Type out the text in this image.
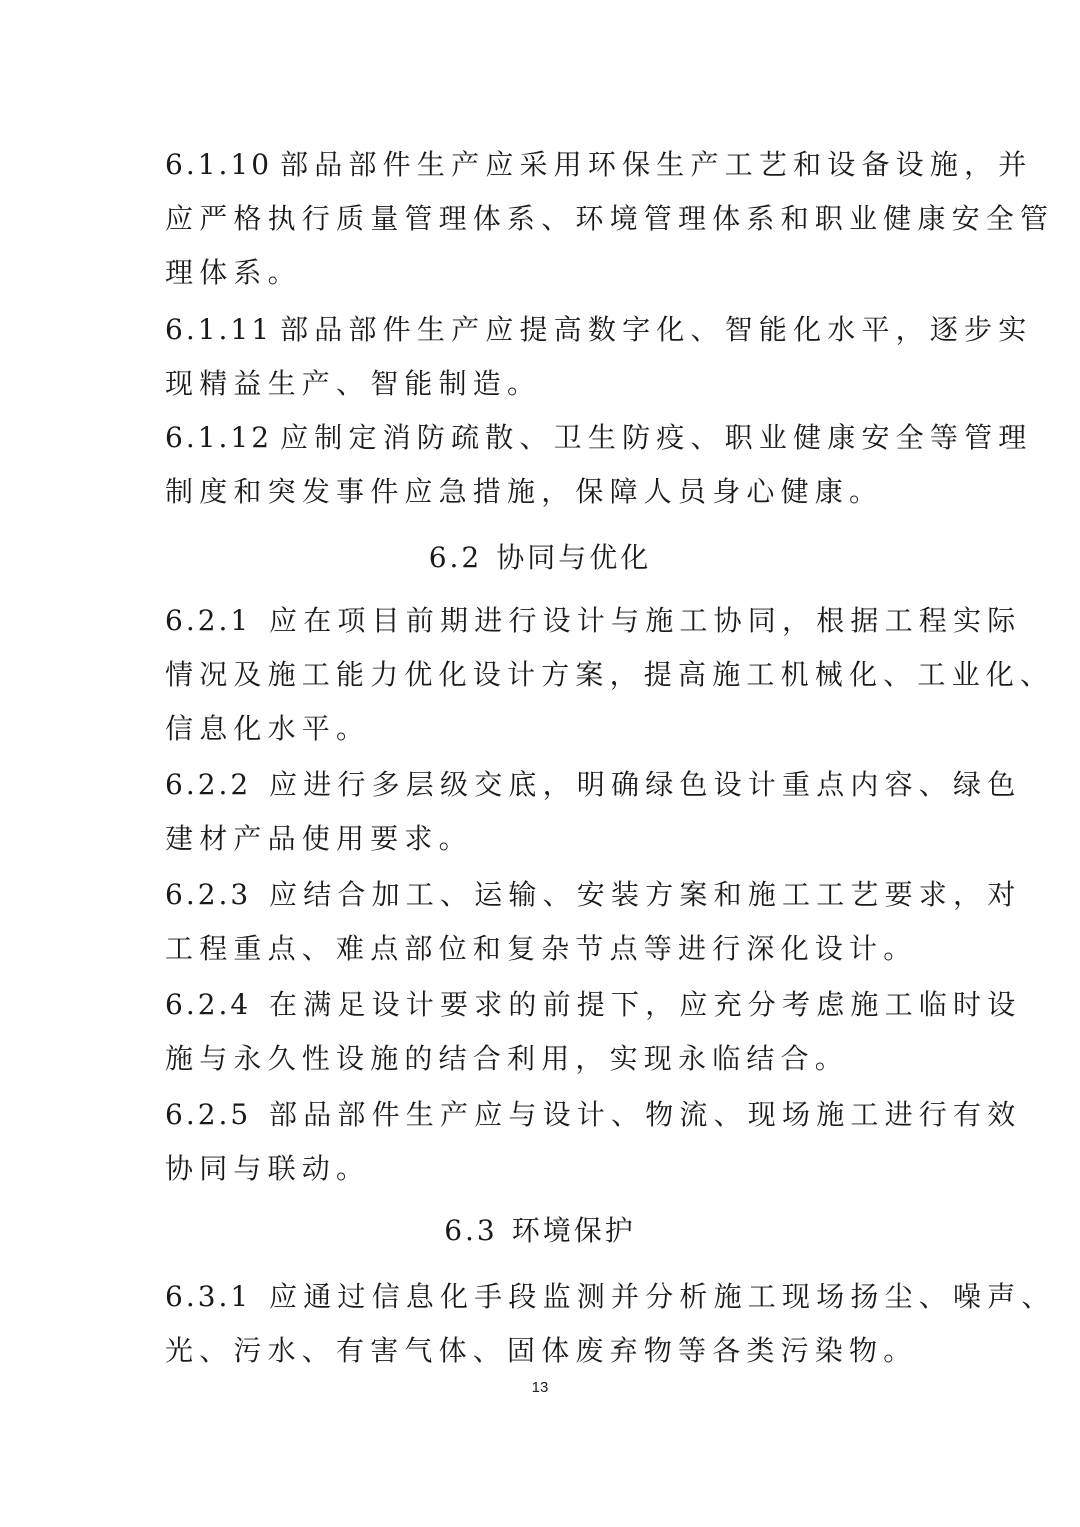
6.1.10 部品部件生产应采用环保生产工艺和设备设施，并
应严格执行质量管理体系、环境管理体系和职业健康安全管
理体系。
6.1.11 部品部件生产应提高数字化、智能化水平，逐步实
现精益生产、智能制造。
6.1.12 应制定消防疏散、卫生防疫、职业健康安全等管理
制度和突发事件应急措施，保障人员身心健康。
6.2 协同与优化
6.2.1 应在项目前期进行设计与施工协同，根据工程实际
情况及施工能力优化设计方案，提高施工机械化、工业化、
信息化水平。
6.2.2 应进行多层级交底，明确绿色设计重点内容、绿色
建材产品使用要求。
6.2.3 应结合加工、运输、安装方案和施工工艺要求，对
工程重点、难点部位和复杂节点等进行深化设计。
6.2.4 在满足设计要求的前提下，应充分考虑施工临时设
施与永久性设施的结合利用，实现永临结合。
6.2.5 部品部件生产应与设计、物流、现场施工进行有效
协同与联动。
6.3 环境保护
6.3.1 应通过信息化手段监测并分析施工现场扬尘、噪声、
光、污水、有害气体、固体废弃物等各类污染物。
13
